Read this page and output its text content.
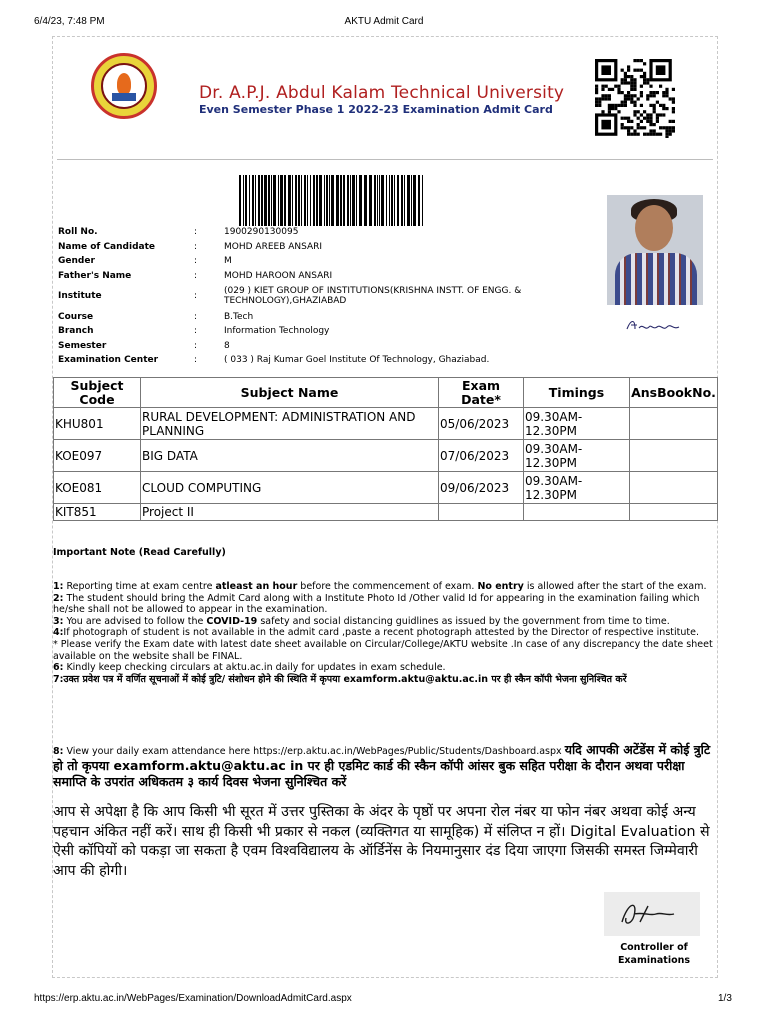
6/4/23, 7:48 PM	AKTU Admit Card
Dr. A.P.J. Abdul Kalam Technical University
Even Semester Phase 1 2022-23 Examination Admit Card
Roll No.	:	1900290130095
Name of Candidate	:	MOHD AREEB ANSARI
Gender	:	M
Father's Name	:	MOHD HAROON ANSARI
Institute	:	(029 ) KIET GROUP OF INSTITUTIONS(KRISHNA INSTT. OF ENGG. & TECHNOLOGY),GHAZIABAD
Course	:	B.Tech
Branch	:	Information Technology
Semester	:	8
Examination Center	:	( 033 ) Raj Kumar Goel Institute Of Technology, Ghaziabad.
Subject Code	Subject Name	Exam Date*	Timings	AnsBookNo.
KHU801	RURAL DEVELOPMENT: ADMINISTRATION AND PLANNING	05/06/2023	09.30AM-12.30PM	
KOE097	BIG DATA	07/06/2023	09.30AM-12.30PM	
KOE081	CLOUD COMPUTING	09/06/2023	09.30AM-12.30PM	
KIT851	Project II			
Important Note (Read Carefully)

1: Reporting time at exam centre atleast an hour before the commencement of exam. No entry is allowed after the start of the exam.

2: The student should bring the Admit Card along with a Institute Photo Id /Other valid Id for appearing in the examination failing which he/she shall not be allowed to appear in the examination.

3: You are advised to follow the COVID-19 safety and social distancing guidlines as issued by the government from time to time.

4:If photograph of student is not available in the admit card ,paste a recent photograph attested by the Director of respective institute.

* Please verify the Exam date with latest date sheet available on Circular/College/AKTU website .In case of any discrepancy the date sheet available on the website shall be FINAL.

6: Kindly keep checking circulars at aktu.ac.in daily for updates in exam schedule.

7:उक्त प्रवेश पत्र में वर्णित सूचनाओं में कोई त्रुटि/ संशोधन होने की स्थिति में कृपया examform.aktu@aktu.ac.in पर ही स्कैन कॉपी भेजना सुनिश्चित करें

8: View your daily exam attendance here https://erp.aktu.ac.in/WebPages/Public/Students/Dashboard.aspx यदि आपकी अटेंडेंस में कोई त्रुटि हो तो कृपया examform.aktu@aktu.ac in पर ही एडमिट कार्ड की स्कैन कॉपी आंसर बुक सहित परीक्षा के दौरान अथवा परीक्षा समाप्ति के उपरांत अधिकतम ३ कार्य दिवस भेजना सुनिश्चित करें
आप से अपेक्षा है कि आप किसी भी सूरत में उत्तर पुस्तिका के अंदर के पृष्ठों पर अपना रोल नंबर या फोन नंबर अथवा कोई अन्य पहचान अंकित नहीं करें। साथ ही किसी भी प्रकार से नकल (व्यक्तिगत या सामूहिक) में संलिप्त न हों। Digital Evaluation से ऐसी कॉपियों को पकड़ा जा सकता है एवम विश्वविद्यालय के ऑर्डिनेंस के नियमानुसार दंड दिया जाएगा जिसकी समस्त जिम्मेवारी आप की होगी।
Controller of Examinations
https://erp.aktu.ac.in/WebPages/Examination/DownloadAdmitCard.aspx	1/3
